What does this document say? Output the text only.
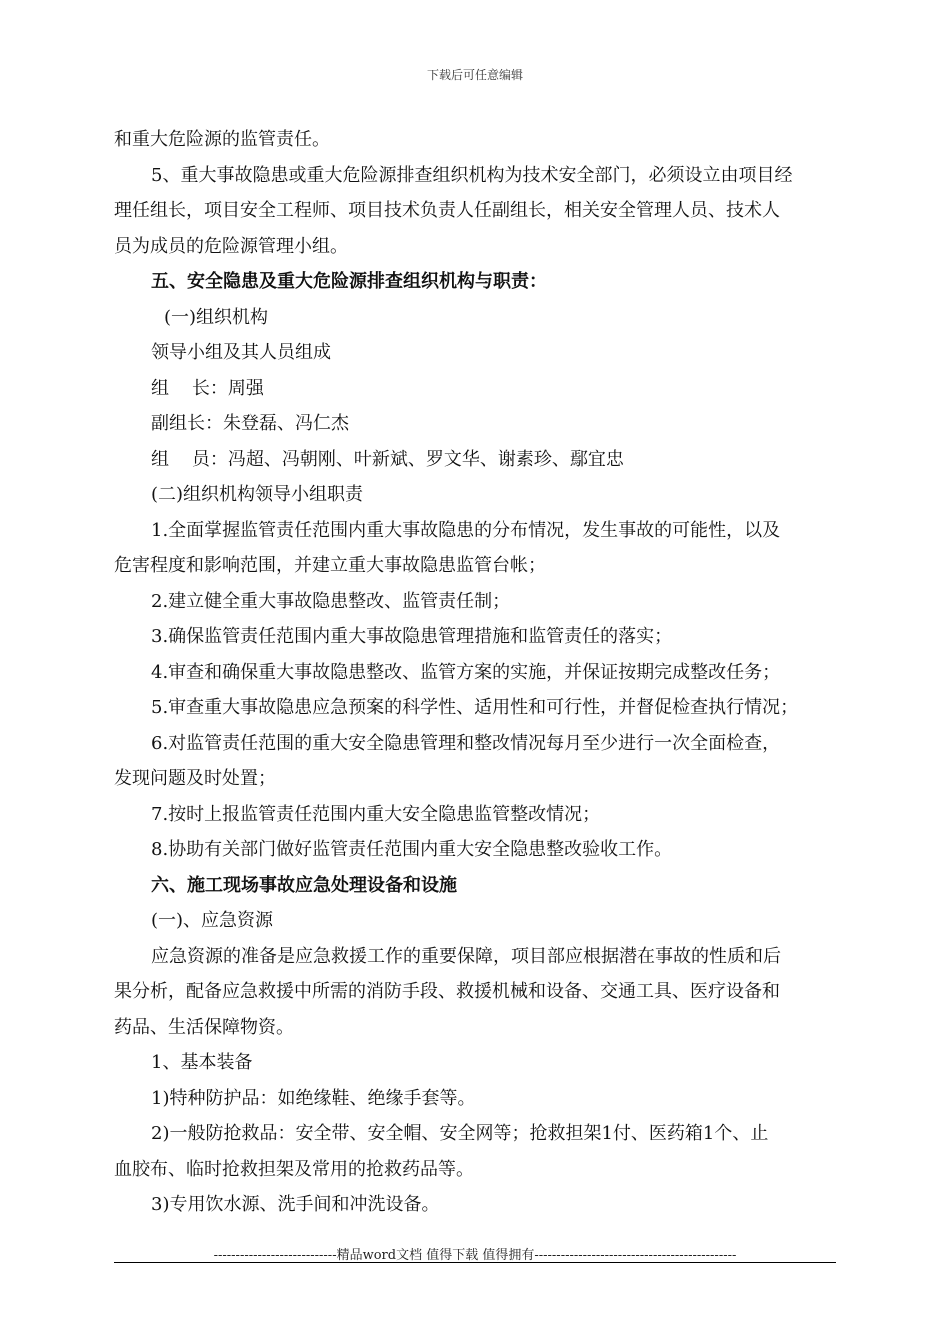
下载后可任意编辑

和重大危险源的监管责任。

5、重大事故隐患或重大危险源排查组织机构为技术安全部门，必须设立由项目经

理任组长，项目安全工程师、项目技术负责人任副组长，相关安全管理人员、技术人

员为成员的危险源管理小组。

五、安全隐患及重大危险源排查组织机构与职责：

(一)组织机构

领导小组及其人员组成

组    长：周强

副组长：朱登磊、冯仁杰

组    员：冯超、冯朝刚、叶新斌、罗文华、谢素珍、鄢宜忠

(二)组织机构领导小组职责

1.全面掌握监管责任范围内重大事故隐患的分布情况，发生事故的可能性，以及

危害程度和影响范围，并建立重大事故隐患监管台帐；

2.建立健全重大事故隐患整改、监管责任制；

3.确保监管责任范围内重大事故隐患管理措施和监管责任的落实；

4.审查和确保重大事故隐患整改、监管方案的实施，并保证按期完成整改任务；

5.审查重大事故隐患应急预案的科学性、适用性和可行性，并督促检查执行情况；

6.对监管责任范围的重大安全隐患管理和整改情况每月至少进行一次全面检查，

发现问题及时处置；

7.按时上报监管责任范围内重大安全隐患监管整改情况；

8.协助有关部门做好监管责任范围内重大安全隐患整改验收工作。

六、施工现场事故应急处理设备和设施

(一)、应急资源

应急资源的准备是应急救援工作的重要保障，项目部应根据潜在事故的性质和后

果分析，配备应急救援中所需的消防手段、救援机械和设备、交通工具、医疗设备和

药品、生活保障物资。

1、基本装备

1)特种防护品：如绝缘鞋、绝缘手套等。

2)一般防抢救品：安全带、安全帽、安全网等；抢救担架1付、医药箱1个、止

血胶布、临时抢救担架及常用的抢救药品等。

3)专用饮水源、洗手间和冲洗设备。

----------------------------精品word文档 值得下载 值得拥有----------------------------------------------
